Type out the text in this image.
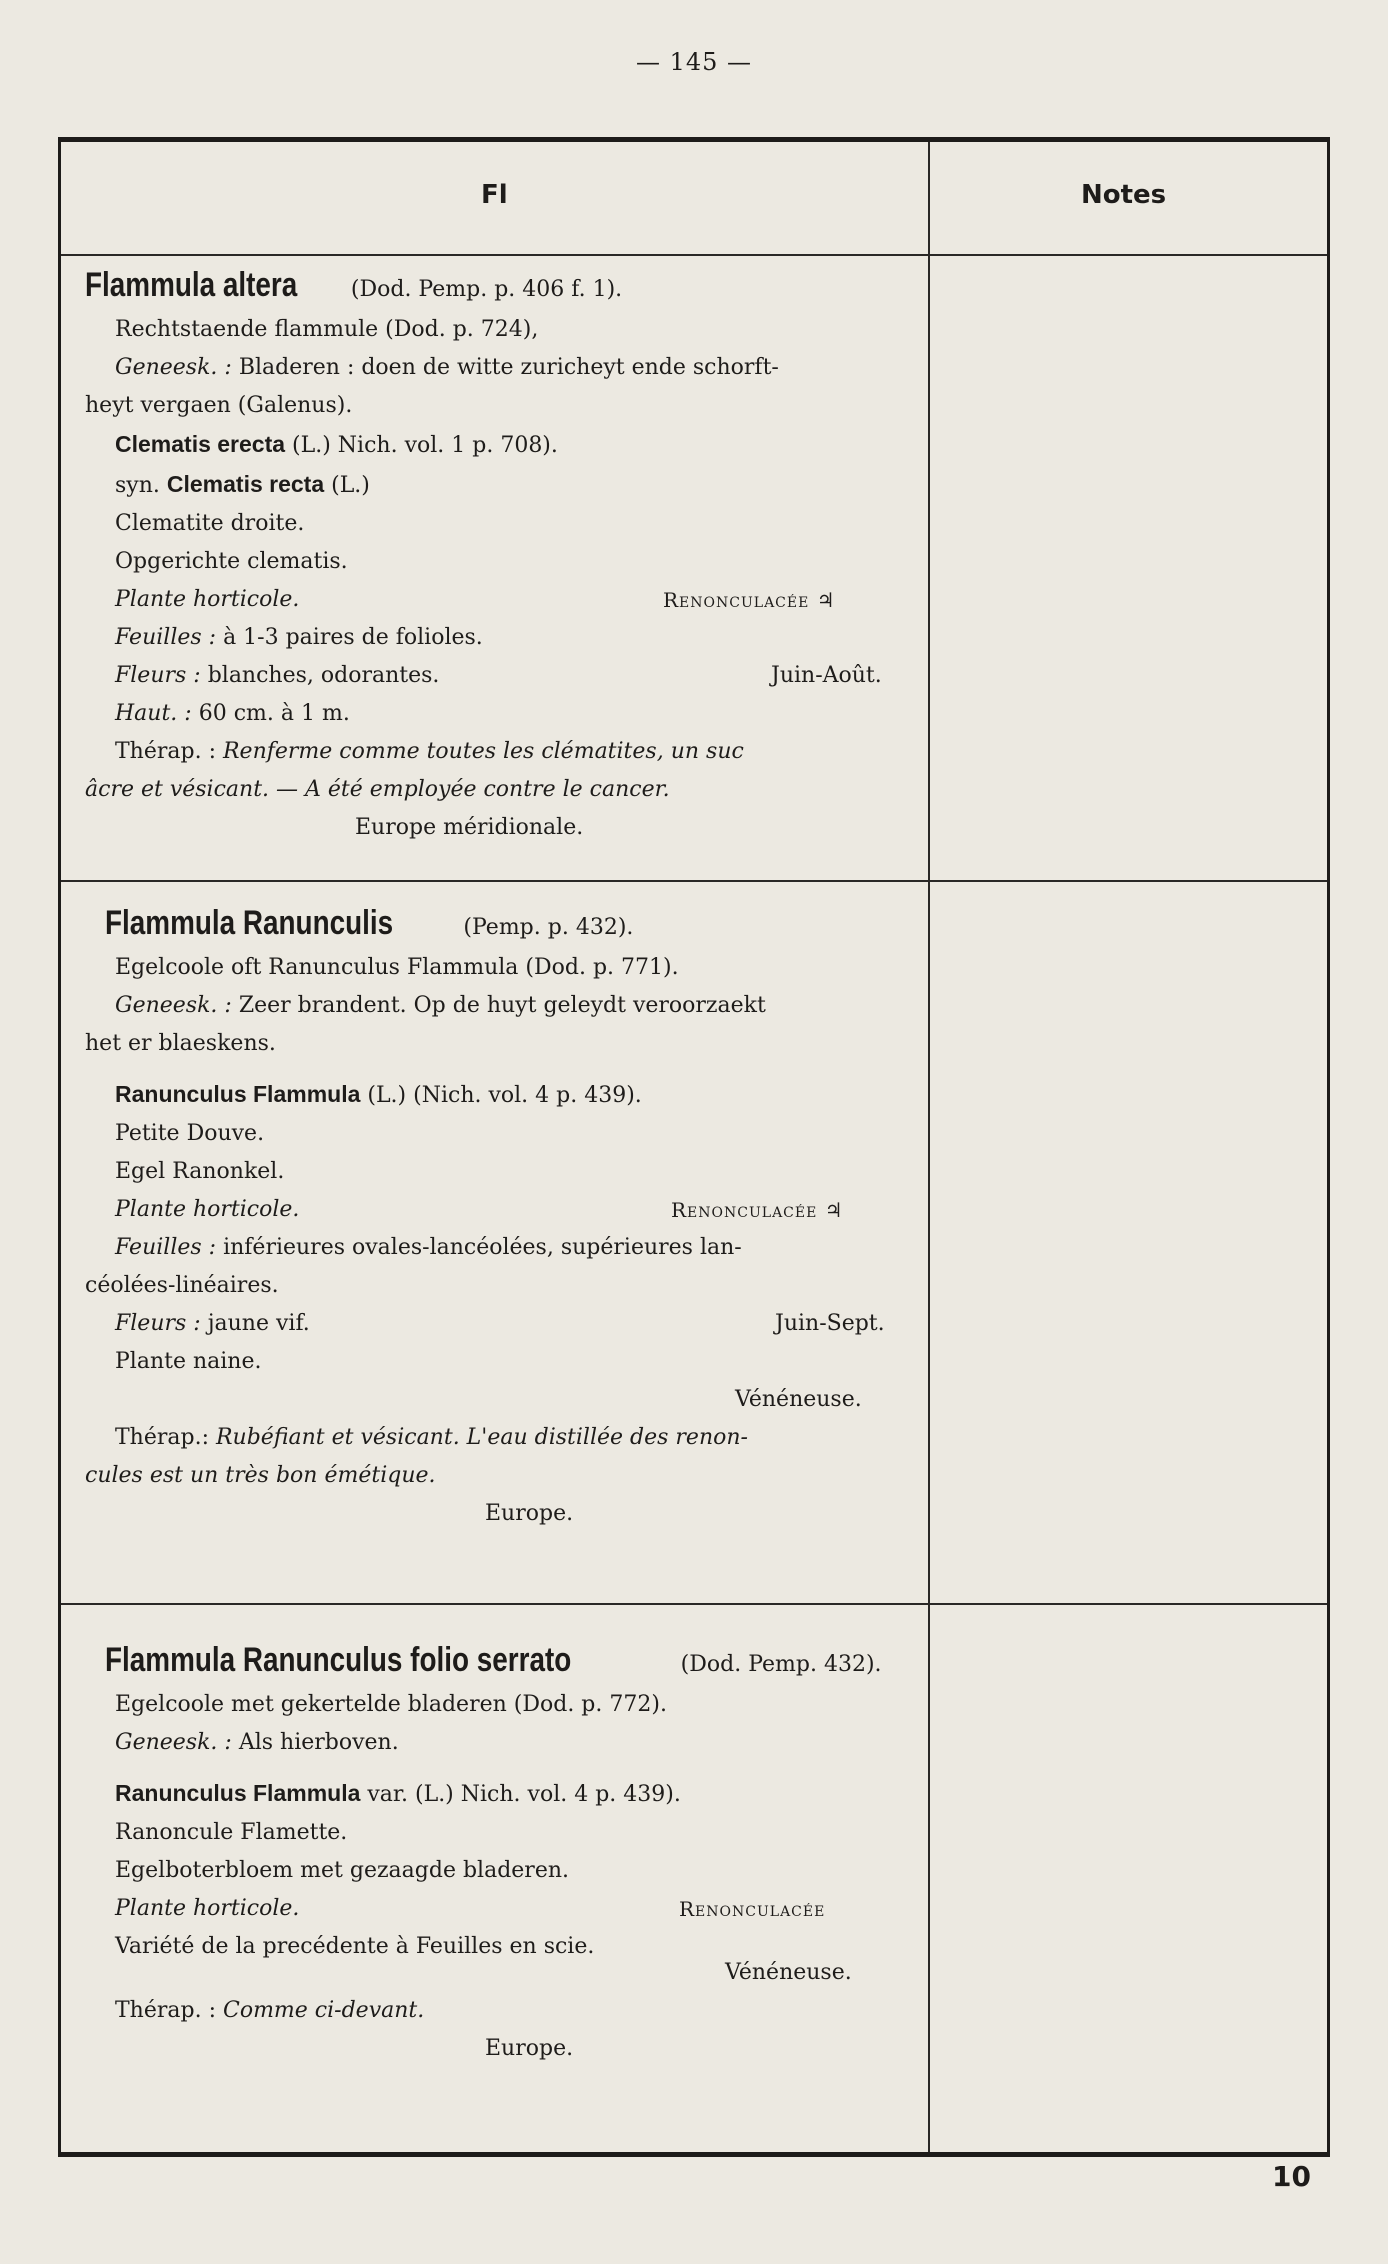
— 145 —
Fl	Notes
Flammula altera (Dod. Pemp. p. 406 f. 1).
Rechtstaende flammule (Dod. p. 724),
Geneesk. : Bladeren : doen de witte zuricheyt ende schorft-
heyt vergaen (Galenus).
Clematis erecta (L.) Nich. vol. 1 p. 708).
syn. Clematis recta (L.)
Clematite droite.
Opgerichte clematis.
Plante horticole.	Renonculacée ♃
Feuilles : à 1-3 paires de folioles.
Fleurs : blanches, odorantes.	Juin-Août.
Haut. : 60 cm. à 1 m.
Thérap. : Renferme comme toutes les clématites, un suc
âcre et vésicant. — A été employée contre le cancer.
Europe méridionale.
Flammula Ranunculis	(Pemp. p. 432).
Egelcoole oft Ranunculus Flammula (Dod. p. 771).
Geneesk. : Zeer brandent. Op de huyt geleydt veroorzaekt
het er blaeskens.
Ranunculus Flammula (L.) (Nich. vol. 4 p. 439).
Petite Douve.
Egel Ranonkel.
Plante horticole.	Renonculacée ♃
Feuilles : inférieures ovales-lancéolées, supérieures lan-
céolées-linéaires.
Fleurs : jaune vif.	Juin-Sept.
Plante naine.
Vénéneuse.
Thérap.: Rubéfiant et vésicant. L'eau distillée des renon-
cules est un très bon émétique.
Europe.
Flammula Ranunculus folio serrato	(Dod. Pemp. 432).
Egelcoole met gekertelde bladeren (Dod. p. 772).
Geneesk. : Als hierboven.
Ranunculus Flammula var. (L.) Nich. vol. 4 p. 439).
Ranoncule Flamette.
Egelboterbloem met gezaagde bladeren.
Plante horticole.	Renonculacée
Variété de la precédente à Feuilles en scie.
Vénéneuse.
Thérap. : Comme ci-devant.
Europe.
10
